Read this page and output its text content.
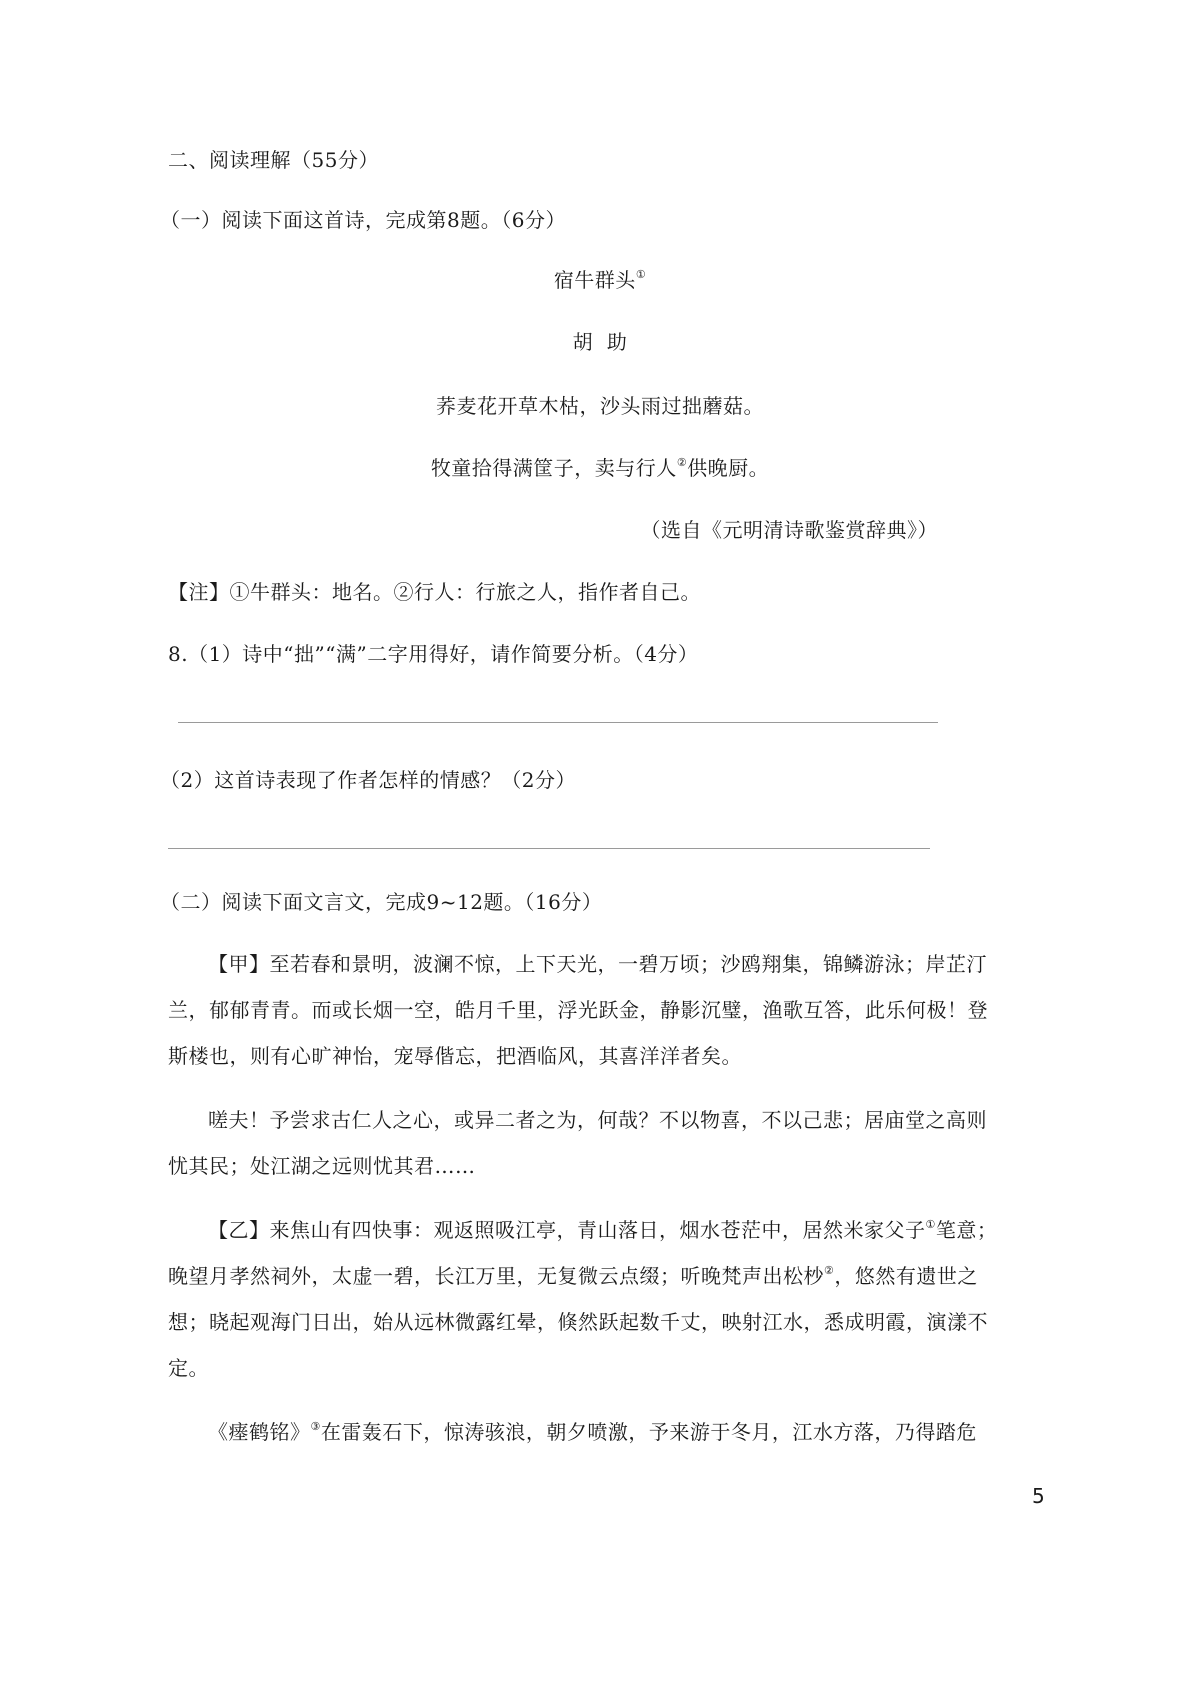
二、阅读理解（55分）
（一）阅读下面这首诗，完成第8题。（6分）
宿牛群头①
胡  助
荞麦花开草木枯，沙头雨过拙蘑菇。
牧童拾得满筐子，卖与行人②供晚厨。
（选自《元明清诗歌鉴赏辞典》）
【注】①牛群头：地名。②行人：行旅之人，指作者自己。
8.（1）诗中“拙”“满”二字用得好，请作简要分析。（4分）
（2）这首诗表现了作者怎样的情感？（2分）
（二）阅读下面文言文，完成9~12题。（16分）
【甲】至若春和景明，波澜不惊，上下天光，一碧万顷；沙鸥翔集，锦鳞游泳；岸芷汀
兰，郁郁青青。而或长烟一空，皓月千里，浮光跃金，静影沉璧，渔歌互答，此乐何极！登
斯楼也，则有心旷神怡，宠辱偕忘，把酒临风，其喜洋洋者矣。
嗟夫！予尝求古仁人之心，或异二者之为，何哉？不以物喜，不以己悲；居庙堂之高则
忧其民；处江湖之远则忧其君……
【乙】来焦山有四快事：观返照吸江亭，青山落日，烟水苍茫中，居然米家父子①笔意；
晚望月孝然祠外，太虚一碧，长江万里，无复微云点缀；听晚梵声出松杪②，悠然有遗世之
想；晓起观海门日出，始从远林微露红晕，倏然跃起数千丈，映射江水，悉成明霞，演漾不
定。
《瘗鹤铭》③在雷轰石下，惊涛骇浪，朝夕喷激，予来游于冬月，江水方落，乃得踏危
5
